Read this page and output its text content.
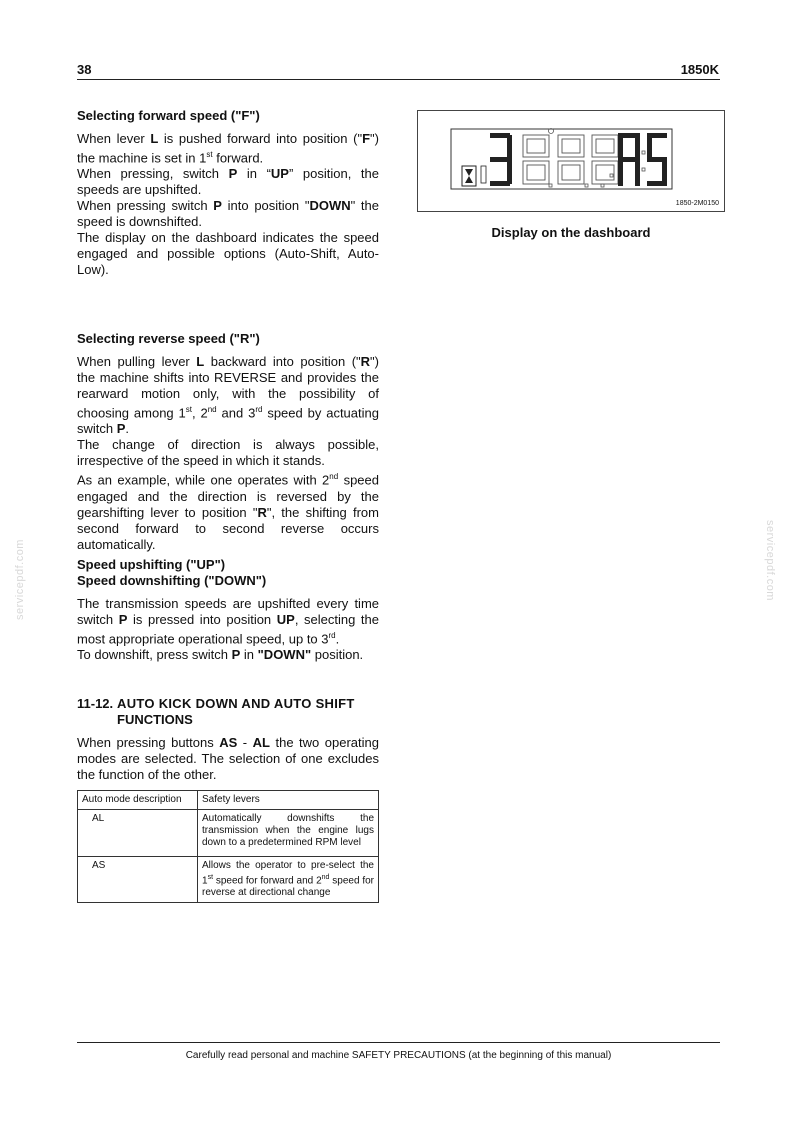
38	1850K
servicepdf.com	servicepdf.com

Selecting forward speed ("F")

When lever L is pushed forward into position ("F") the machine is set in 1st forward.

When pressing, switch P in “UP” position, the speeds are upshifted.

When pressing switch P into position "DOWN" the speed is downshifted.

The display on the dashboard indicates the speed engaged and possible options (Auto-Shift, Auto-Low).

1850-2M0150
Display on the dashboard

Selecting reverse speed ("R")

When pulling lever L backward into position ("R") the machine shifts into REVERSE and provides the rearward motion only, with the possibility of choosing among 1st, 2nd and 3rd speed by actuating switch P.

The change of direction is always possible, irrespective of the speed in which it stands.

As an example, while one operates with 2nd speed engaged and the direction is reversed by the gearshifting lever to position "R", the shifting from second forward to second reverse occurs automatically.

Speed upshifting ("UP")

Speed downshifting ("DOWN")

The transmission speeds are upshifted every time switch P is pressed into position UP, selecting the most appropriate operational speed, up to 3rd.

To downshift, press switch P in "DOWN" position.

11-12. AUTO KICK DOWN AND AUTO SHIFT
FUNCTIONS

When pressing buttons AS - AL the two operating modes are selected. The selection of one excludes the function of the other.

Auto mode description	Safety levers
AL	Automatically downshifts the transmission when the engine lugs down to a predetermined RPM level
AS	Allows the operator to pre-select the 1st speed for forward and 2nd speed for reverse at directional change
Carefully read personal and machine SAFETY PRECAUTIONS (at the beginning of this manual)
